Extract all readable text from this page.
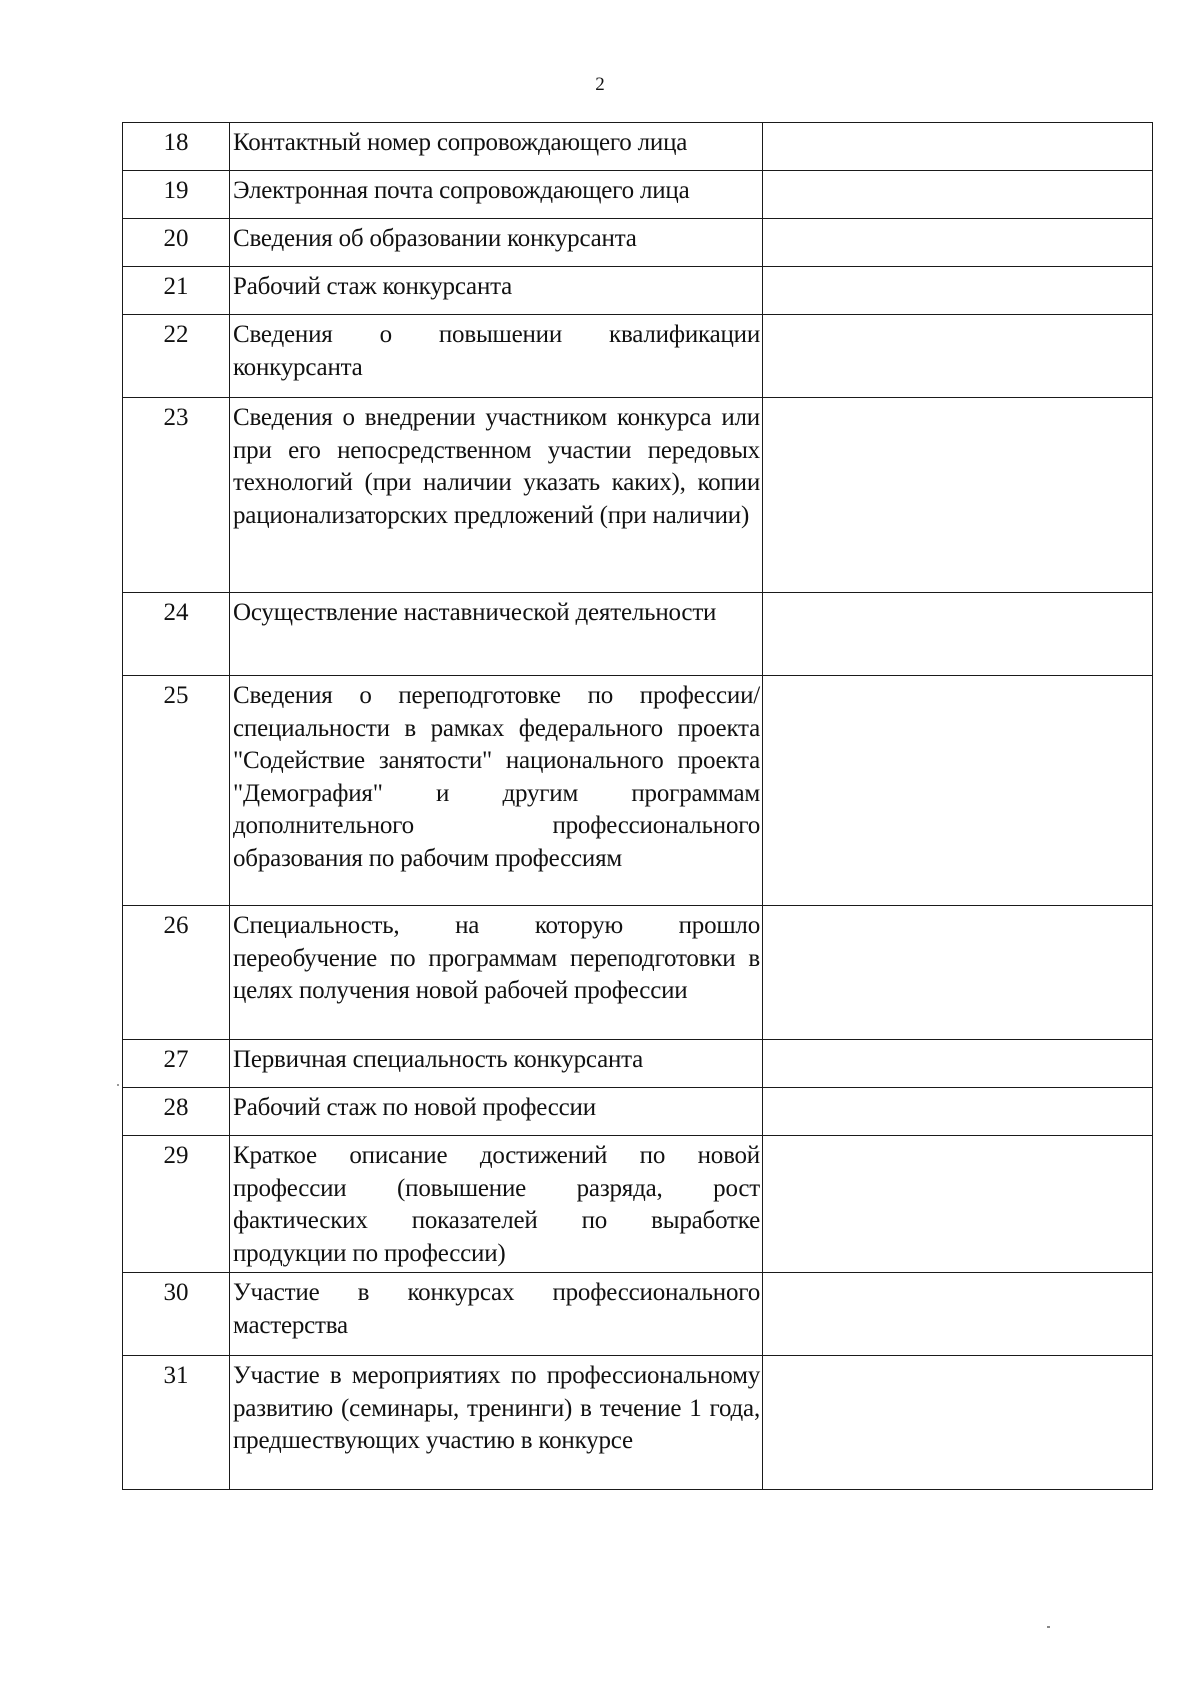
2
18	Контактный номер сопровождающего лица	
19	Электронная почта сопровождающего лица	
20	Сведения об образовании конкурсанта	
21	Рабочий стаж конкурсанта	
22	Сведения о повышении квалификации конкурсанта	
23	Сведения о внедрении участником конкурса или при его непосредственном участии передовых технологий (при наличии указать каких), копии рационализаторских предложений (при наличии)	
24	Осуществление наставнической деятельности	
25	Сведения о переподготовке по профессии/специальности в рамках федерального проекта "Содействие занятости" национального проекта "Демография" и другим программам дополнительного профессионального образования по рабочим профессиям	
26	Специальность, на которую прошло переобучение по программам переподготовки в целях получения новой рабочей профессии	
27	Первичная специальность конкурсанта	
28	Рабочий стаж по новой профессии	
29	Краткое описание достижений по новой профессии (повышение разряда, рост фактических показателей по выработке продукции по профессии)	
30	Участие в конкурсах профессионального мастерства	
31	Участие в мероприятиях по профессиональному развитию (семинары, тренинги) в течение 1 года, предшествующих участию в конкурсе	
